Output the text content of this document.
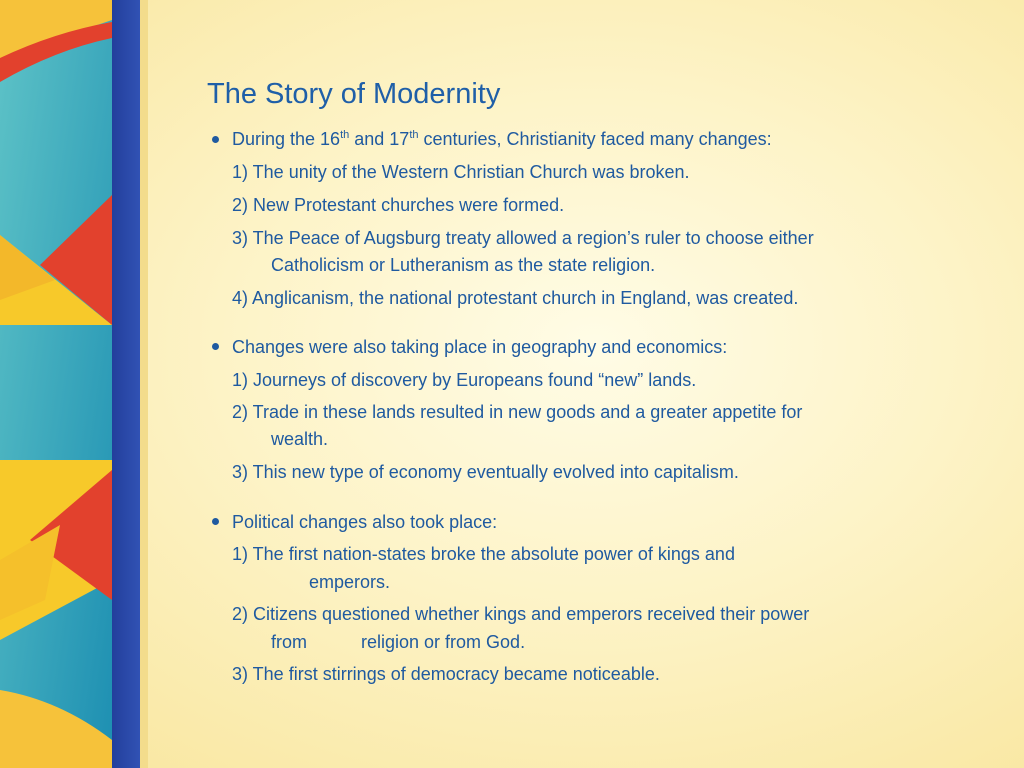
The Story of Modernity

During the 16th and 17th centuries, Christianity faced many changes:

1) The unity of the Western Christian Church was broken.

2) New Protestant churches were formed.

3) The Peace of Augsburg treaty allowed a region’s ruler to choose either

Catholicism or Lutheranism as the state religion.

4) Anglicanism, the national protestant church in England, was created.

Changes were also taking place in geography and economics:

1) Journeys of discovery by Europeans found “new” lands.

2) Trade in these lands resulted in new goods and a greater appetite for

wealth.

3) This new type of economy eventually evolved into capitalism.

Political changes also took place:

1) The first nation-states broke the absolute power of kings and

emperors.

2) Citizens questioned whether kings and emperors received their power

from	religion or from God.

3) The first stirrings of democracy became noticeable.
